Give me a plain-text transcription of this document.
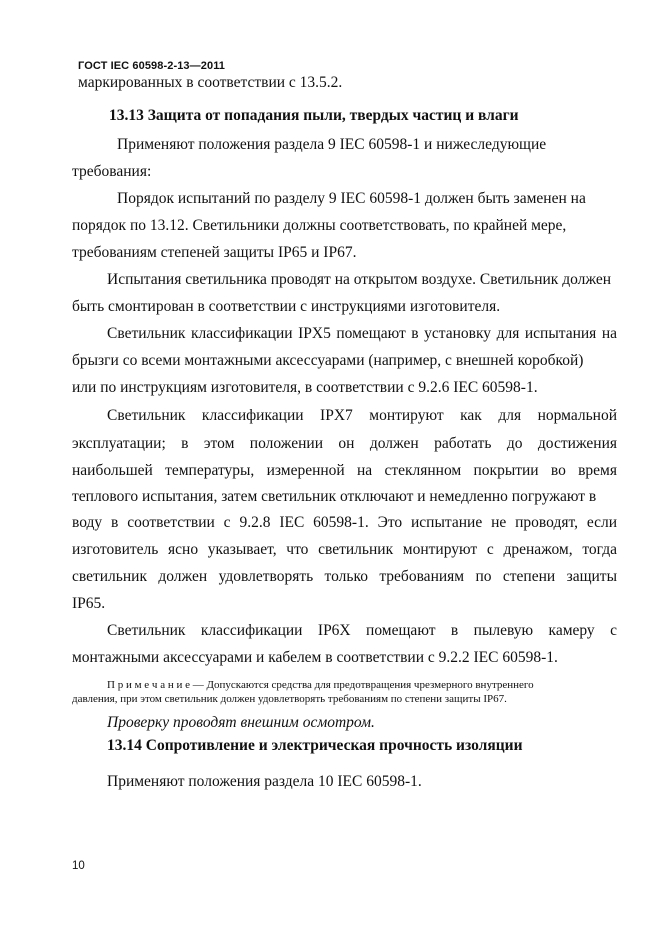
ГОСТ IEC 60598-2-13—2011
маркированных в соответствии с 13.5.2.
13.13 Защита от попадания пыли, твердых частиц и влаги
Применяют положения раздела 9 IEC 60598-1 и нижеследующие
требования:
Порядок испытаний по разделу 9 IEC 60598-1 должен быть заменен на
порядок по 13.12. Светильники должны соответствовать, по крайней мере,
требованиям степеней защиты IP65 и IP67.
Испытания светильника проводят на открытом воздухе. Светильник должен
быть смонтирован в соответствии с инструкциями изготовителя.
Светильник классификации IPX5 помещают в установку для испытания на
брызги со всеми монтажными аксессуарами (например, с внешней коробкой)
или по инструкциям изготовителя, в соответствии с 9.2.6 IEC 60598-1.
Светильник классификации IPX7 монтируют как для нормальной
эксплуатации; в этом положении он должен работать до достижения
наибольшей температуры, измеренной на стеклянном покрытии во время
теплового испытания, затем светильник отключают и немедленно погружают в
воду в соответствии с 9.2.8 IEC 60598-1. Это испытание не проводят, если
изготовитель ясно указывает, что светильник монтируют с дренажом, тогда
светильник должен удовлетворять только требованиям по степени защиты
IP65.
Светильник классификации IP6X помещают в пылевую камеру с
монтажными аксессуарами и кабелем в соответствии с 9.2.2 IEC 60598-1.
П р и м е ч а н и е — Допускаются средства для предотвращения чрезмерного внутреннего
давления, при этом светильник должен удовлетворять требованиям по степени защиты IP67.
Проверку проводят внешним осмотром.
13.14 Сопротивление и электрическая прочность изоляции
Применяют положения раздела 10 IEC 60598-1.
10
